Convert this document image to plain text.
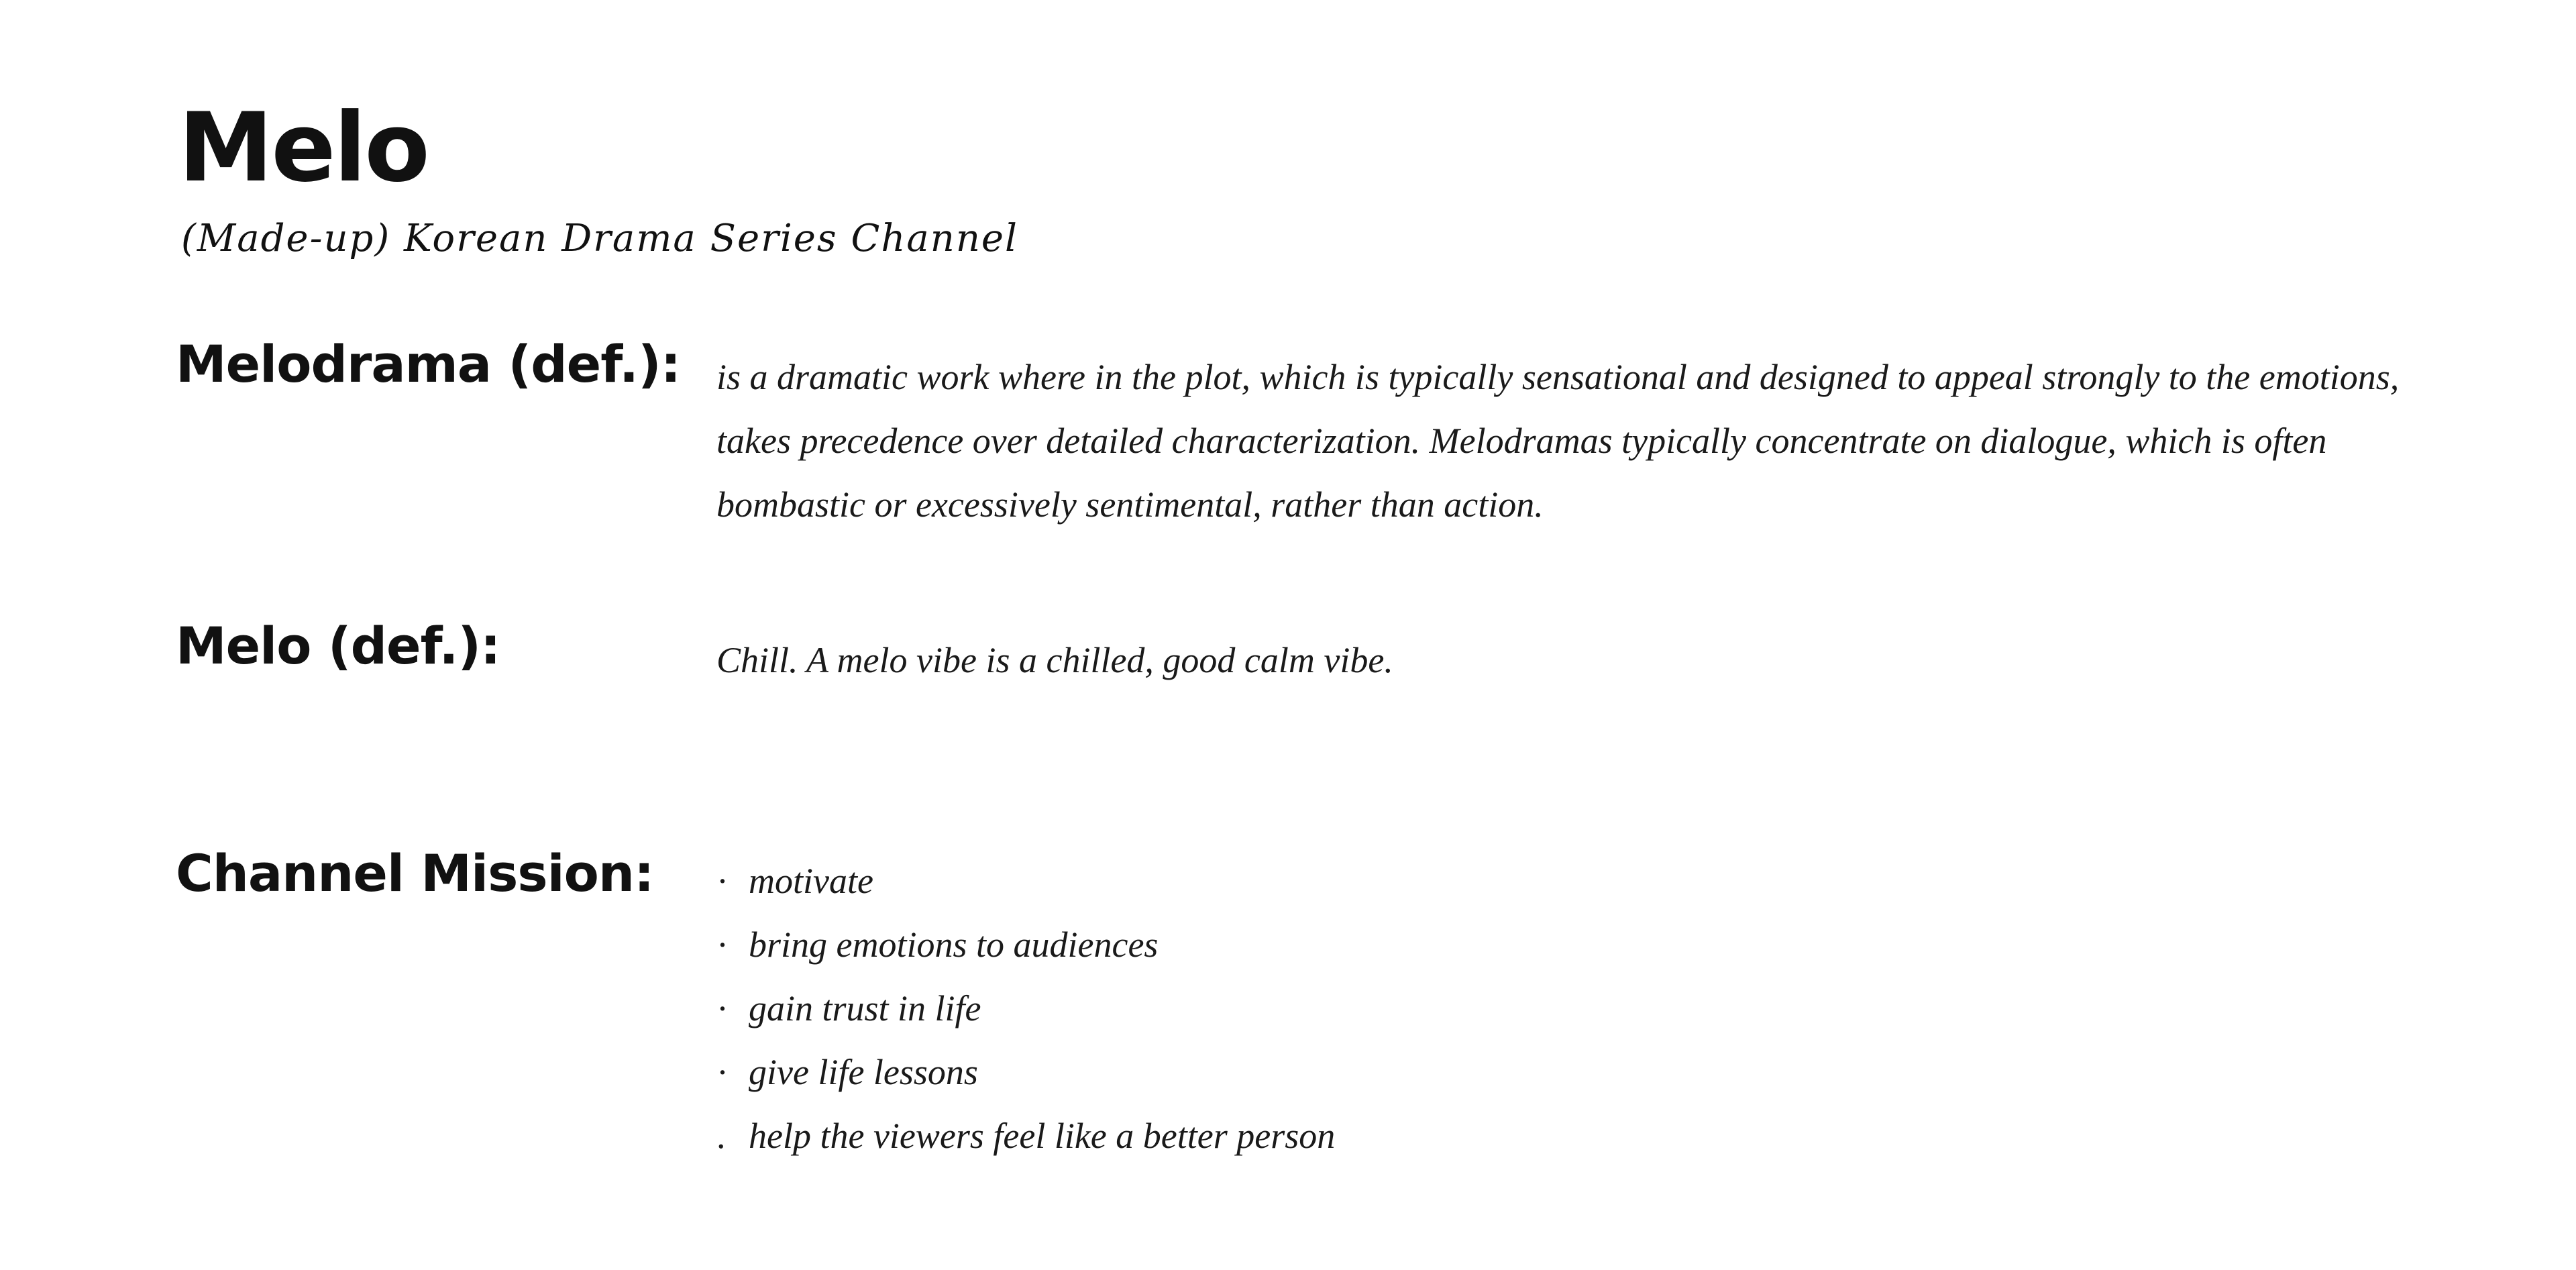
Melo

(Made-up) Korean Drama Series Channel

Melodrama (def.): is a dramatic work where in the plot, which is typically sensational and designed to appeal strongly to the emotions, takes precedence over detailed characterization. Melodramas typically concentrate on dialogue, which is often bombastic or excessively sentimental, rather than action.

Melo (def.):	Chill. A melo vibe is a chilled, good calm vibe.

Channel Mission: · motivate
· bring emotions to audiences
· gain trust in life
· give life lessons
. help the viewers feel like a better person
